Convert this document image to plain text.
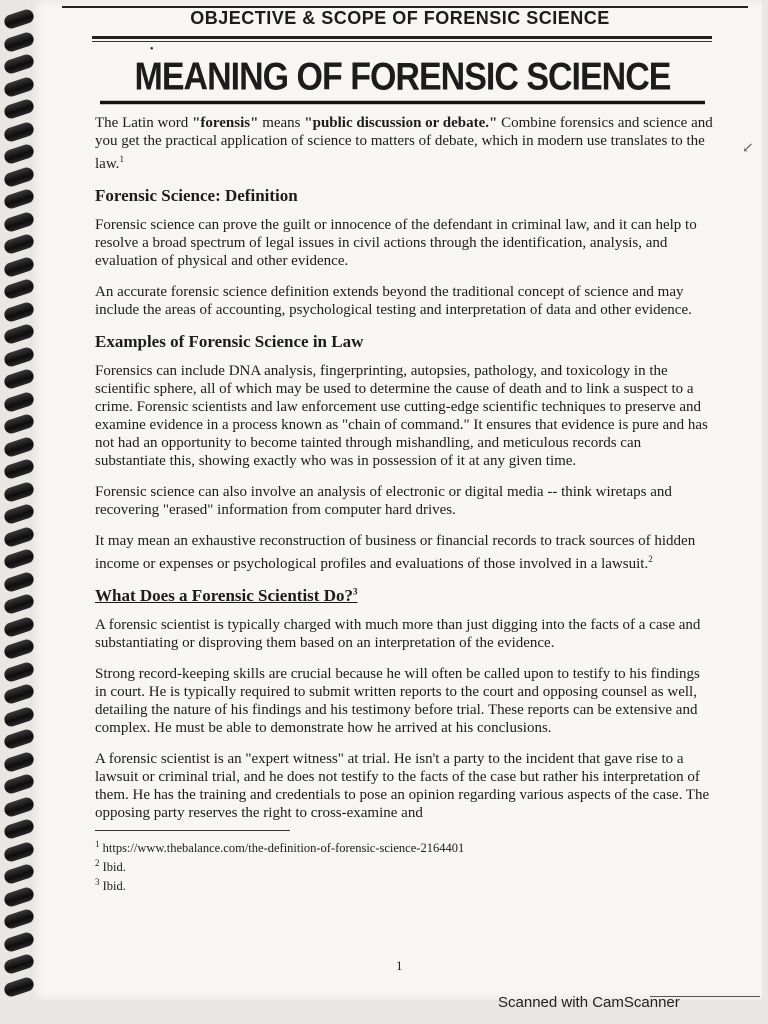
OBJECTIVE & SCOPE OF FORENSIC SCIENCE
•
MEANING OF FORENSIC SCIENCE
↙

The Latin word "forensis" means "public discussion or debate." Combine forensics and science and you get the practical application of science to matters of debate, which in modern use translates to the law.$^1$

Forensic Science: Definition

Forensic science can prove the guilt or innocence of the defendant in criminal law, and it can help to resolve a broad spectrum of legal issues in civil actions through the identification, analysis, and evaluation of physical and other evidence.

An accurate forensic science definition extends beyond the traditional concept of science and may include the areas of accounting, psychological testing and interpretation of data and other evidence.

Examples of Forensic Science in Law

Forensics can include DNA analysis, fingerprinting, autopsies, pathology, and toxicology in the scientific sphere, all of which may be used to determine the cause of death and to link a suspect to a crime. Forensic scientists and law enforcement use cutting-edge scientific techniques to preserve and examine evidence in a process known as "chain of command." It ensures that evidence is pure and has not had an opportunity to become tainted through mishandling, and meticulous records can substantiate this, showing exactly who was in possession of it at any given time.

Forensic science can also involve an analysis of electronic or digital media -- think wiretaps and recovering "erased" information from computer hard drives.

It may mean an exhaustive reconstruction of business or financial records to track sources of hidden income or expenses or psychological profiles and evaluations of those involved in a lawsuit.$^2$

What Does a Forensic Scientist Do?$^3$

A forensic scientist is typically charged with much more than just digging into the facts of a case and substantiating or disproving them based on an interpretation of the evidence.

Strong record-keeping skills are crucial because he will often be called upon to testify to his findings in court. He is typically required to submit written reports to the court and opposing counsel as well, detailing the nature of his findings and his testimony before trial. These reports can be extensive and complex. He must be able to demonstrate how he arrived at his conclusions.

A forensic scientist is an "expert witness" at trial. He isn't a party to the incident that gave rise to a lawsuit or criminal trial, and he does not testify to the facts of the case but rather his interpretation of them. He has the training and credentials to pose an opinion regarding various aspects of the case. The opposing party reserves the right to cross-examine and

$^1$ https://www.thebalance.com/the-definition-of-forensic-science-2164401

$^2$ Ibid.

$^3$ Ibid.

1
Scanned with CamScanner
